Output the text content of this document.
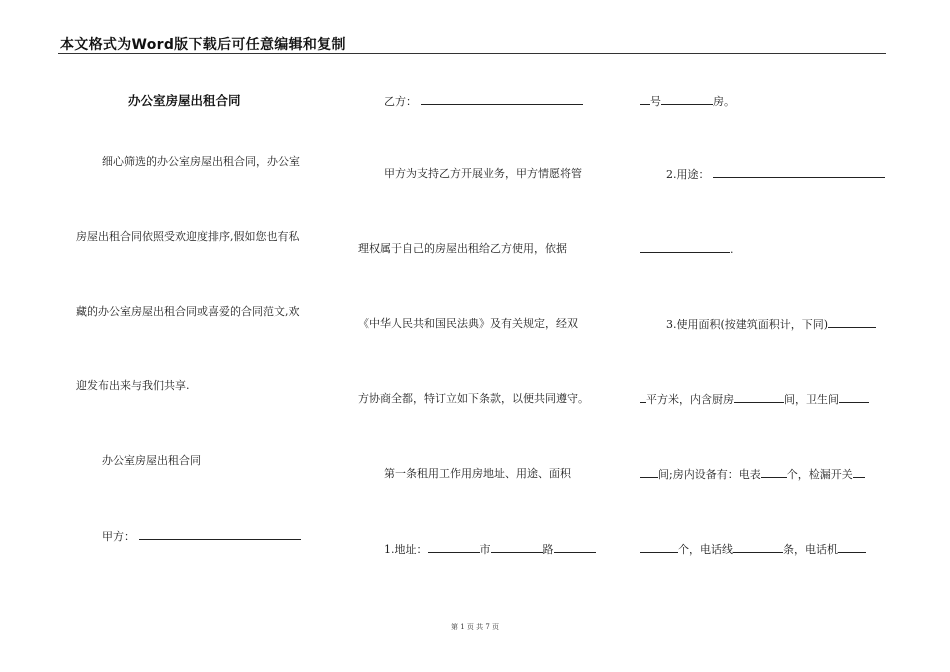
本文格式为Word版下载后可任意编辑和复制
办公室房屋出租合同
细心筛选的办公室房屋出租合同，办公室
房屋出租合同依照受欢迎度排序,假如您也有私
藏的办公室房屋出租合同或喜爱的合同范文,欢
迎发布出来与我们共享.
办公室房屋出租合同
甲方：
乙方：
甲方为支持乙方开展业务，甲方情愿将管
理权属于自己的房屋出租给乙方使用，依据
《中华人民共和国民法典》及有关规定，经双
方协商全都，特订立如下条款，以便共同遵守。
第一条租用工作用房地址、用途、面积
1.地址：	市	路
号	房。
2.用途：
.
3.使用面积(按建筑面积计，下同)
平方米，内含厨房	间，卫生间
间;房内设备有：电表 个，检漏开关
个，电话线	条，电话机
第 1 页 共 7 页
